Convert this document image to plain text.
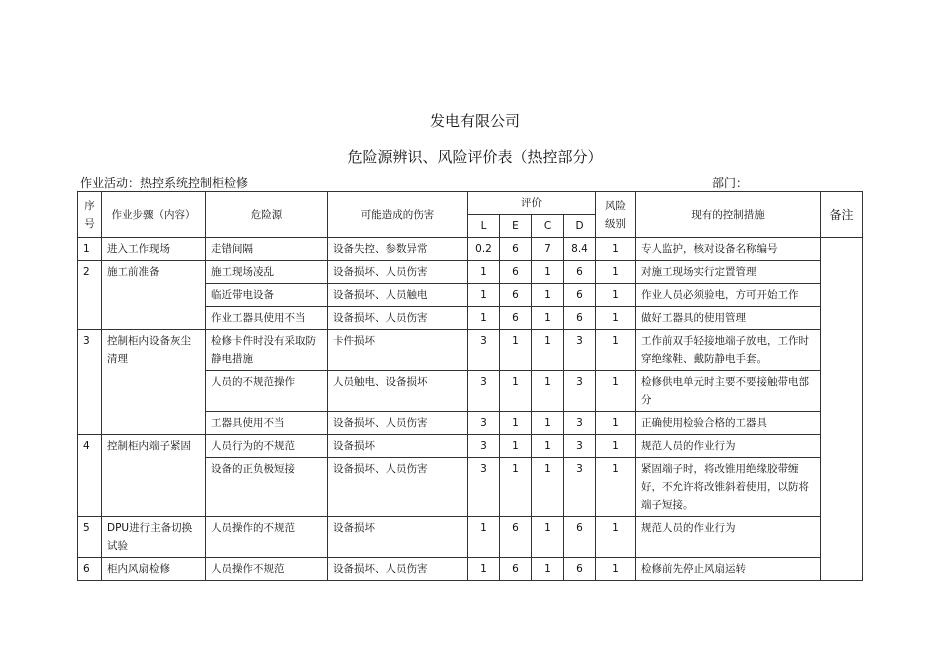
发电有限公司
危险源辨识、风险评价表（热控部分）
作业活动：热控系统控制柜检修	部门：
序号	作业步骤（内容）	危险源	可能造成的伤害	评价				风险级别	现有的控制措施	备注
				L	E	C	D			
1	进入工作现场	走错间隔	设备失控、参数异常	0.2	6	7	8.4	1	专人监护，核对设备名称编号	
2	施工前准备	施工现场凌乱	设备损坏、人员伤害	1	6	1	6	1	对施工现场实行定置管理	
		临近带电设备	设备损坏、人员触电	1	6	1	6	1	作业人员必须验电，方可开始工作	
		作业工器具使用不当	设备损坏、人员伤害	1	6	1	6	1	做好工器具的使用管理	
3	控制柜内设备灰尘清理	检修卡件时没有采取防静电措施	卡件损坏	3	1	1	3	1	工作前双手轻接地端子放电，工作时穿绝缘鞋、戴防静电手套。	
		人员的不规范操作	人员触电、设备损坏	3	1	1	3	1	检修供电单元时主要不要接触带电部分	
		工器具使用不当	设备损坏、人员伤害	3	1	1	3	1	正确使用检验合格的工器具	
4	控制柜内端子紧固	人员行为的不规范	设备损坏	3	1	1	3	1	规范人员的作业行为	
		设备的正负极短接	设备损坏、人员伤害	3	1	1	3	1	紧固端子时，将改锥用绝缘胶带缠好，不允许将改锥斜着使用，以防将端子短接。	
5	DPU进行主备切换试验	人员操作的不规范	设备损坏	1	6	1	6	1	规范人员的作业行为	
6	柜内风扇检修	人员操作不规范	设备损坏、人员伤害	1	6	1	6	1	检修前先停止风扇运转	
